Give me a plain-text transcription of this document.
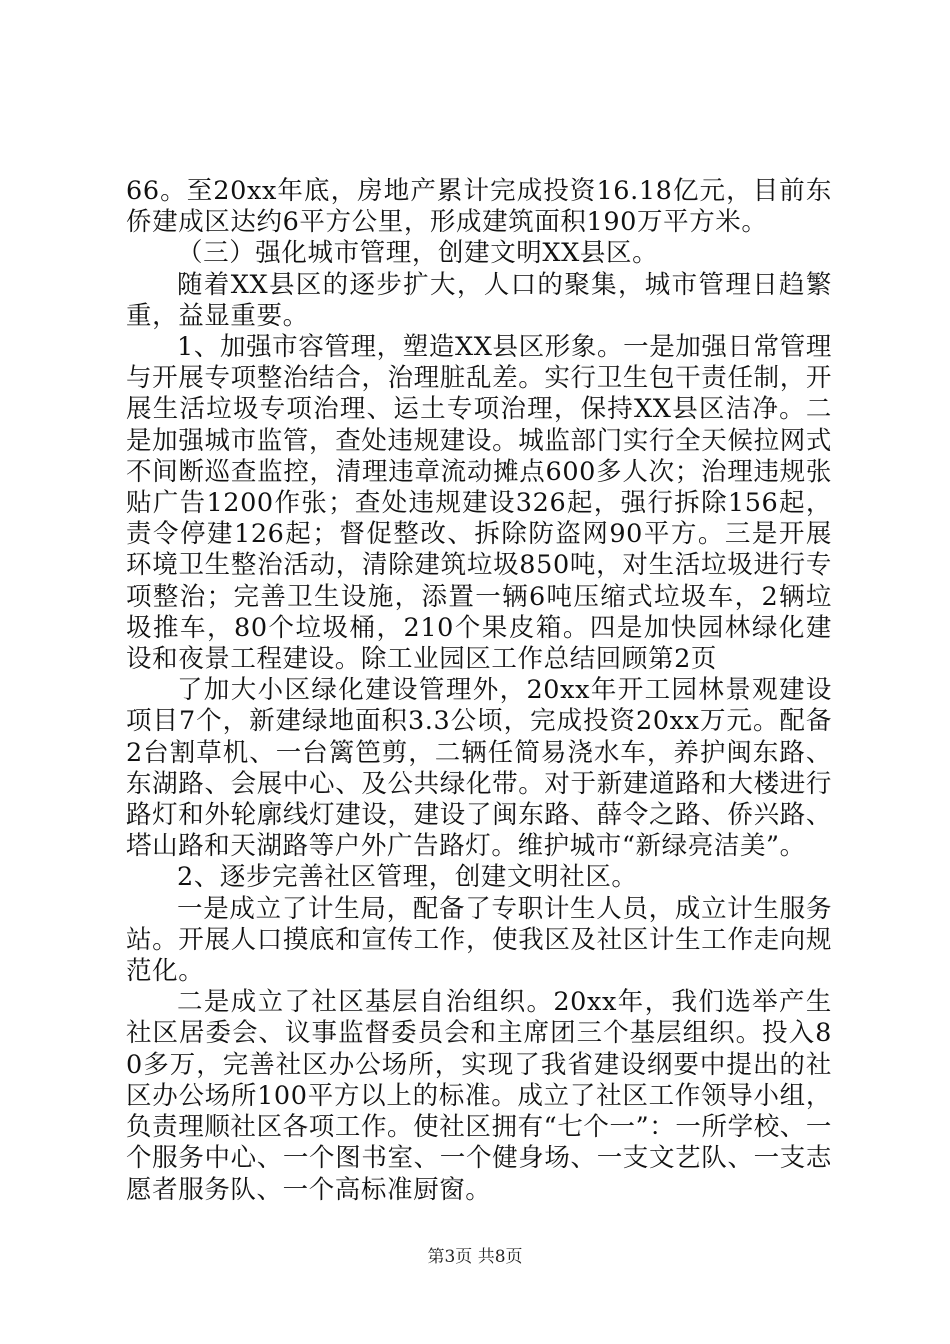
66。至20xx年底，房地产累计完成投资16.18亿元，目前东侨建成区达约6平方公里，形成建筑面积190万平方米。

（三）强化城市管理，创建文明XX县区。

随着XX县区的逐步扩大，人口的聚集，城市管理日趋繁重，益显重要。

1、加强市容管理，塑造XX县区形象。一是加强日常管理与开展专项整治结合，治理脏乱差。实行卫生包干责任制，开展生活垃圾专项治理、运土专项治理，保持XX县区洁净。二是加强城市监管，查处违规建设。城监部门实行全天候拉网式不间断巡查监控，清理违章流动摊点600多人次；治理违规张贴广告1200作张；查处违规建设326起，强行拆除156起，责令停建126起；督促整改、拆除防盗网90平方。三是开展环境卫生整治活动，清除建筑垃圾850吨，对生活垃圾进行专项整治；完善卫生设施，添置一辆6吨压缩式垃圾车，2辆垃圾推车，80个垃圾桶，210个果皮箱。四是加快园林绿化建设和夜景工程建设。除工业园区工作总结回顾第2页

了加大小区绿化建设管理外，20xx年开工园林景观建设项目7个，新建绿地面积3.3公顷，完成投资20xx万元。配备2台割草机、一台篱笆剪，二辆任简易浇水车，养护闽东路、东湖路、会展中心、及公共绿化带。对于新建道路和大楼进行路灯和外轮廓线灯建设，建设了闽东路、薛令之路、侨兴路、塔山路和天湖路等户外广告路灯。维护城市“新绿亮洁美”。

2、逐步完善社区管理，创建文明社区。

一是成立了计生局，配备了专职计生人员，成立计生服务站。开展人口摸底和宣传工作，使我区及社区计生工作走向规范化。

二是成立了社区基层自治组织。20xx年，我们选举产生社区居委会、议事监督委员会和主席团三个基层组织。投入80多万，完善社区办公场所，实现了我省建设纲要中提出的社区办公场所100平方以上的标准。成立了社区工作领导小组，负责理顺社区各项工作。使社区拥有“七个一”：一所学校、一个服务中心、一个图书室、一个健身场、一支文艺队、一支志愿者服务队、一个高标准厨窗。

第3页 共8页
